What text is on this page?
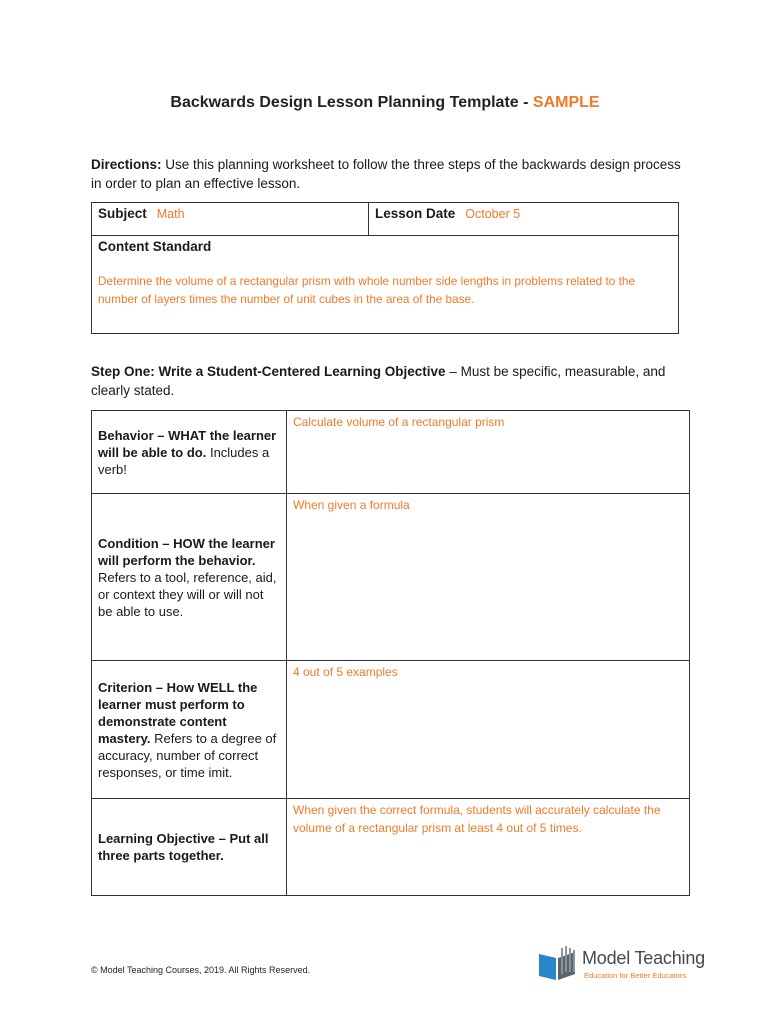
Backwards Design Lesson Planning Template - SAMPLE
Directions: Use this planning worksheet to follow the three steps of the backwards design process in order to plan an effective lesson.
Subject Math	Lesson Date October 5
Content Standard
Determine the volume of a rectangular prism with whole number side lengths in problems related to the number of layers times the number of unit cubes in the area of the base.
Step One: Write a Student-Centered Learning Objective – Must be specific, measurable, and clearly stated.
Behavior – WHAT the learner will be able to do. Includes a verb!
Calculate volume of a rectangular prism
Condition – HOW the learner will perform the behavior. Refers to a tool, reference, aid, or context they will or will not be able to use.
When given a formula
Criterion – How WELL the learner must perform to demonstrate content mastery. Refers to a degree of accuracy, number of correct responses, or time imit.
4 out of 5 examples
Learning Objective – Put all three parts together.
When given the correct formula, students will accurately calculate the volume of a rectangular prism at least 4 out of 5 times.
© Model Teaching Courses, 2019. All Rights Reserved.
Model Teaching
Education for Better Educators
